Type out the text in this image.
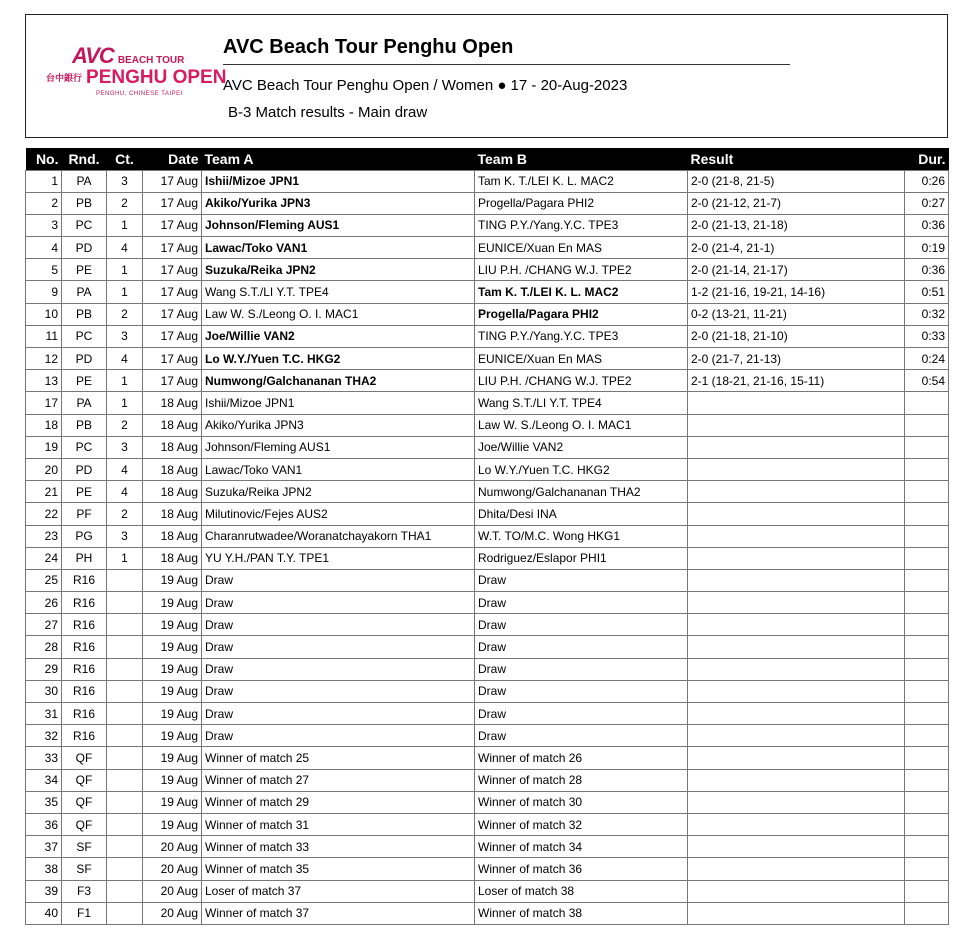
AVC BEACH TOUR
台中銀行 PENGHU OPEN
PENGHU, CHINESE TAIPEI
AVC Beach Tour Penghu Open
AVC Beach Tour Penghu Open / Women ● 17 - 20-Aug-2023
B-3 Match results - Main draw
No.	Rnd.	Ct.	Date	Team A	Team B	Result	Dur.
1	PA	3	17 Aug	Ishii/Mizoe JPN1	Tam K. T./LEI K. L. MAC2	2-0 (21-8, 21-5)	0:26
2	PB	2	17 Aug	Akiko/Yurika JPN3	Progella/Pagara PHI2	2-0 (21-12, 21-7)	0:27
3	PC	1	17 Aug	Johnson/Fleming AUS1	TING P.Y./Yang.Y.C. TPE3	2-0 (21-13, 21-18)	0:36
4	PD	4	17 Aug	Lawac/Toko VAN1	EUNICE/Xuan En MAS	2-0 (21-4, 21-1)	0:19
5	PE	1	17 Aug	Suzuka/Reika JPN2	LIU P.H. /CHANG W.J. TPE2	2-0 (21-14, 21-17)	0:36
9	PA	1	17 Aug	Wang S.T./LI Y.T. TPE4	Tam K. T./LEI K. L. MAC2	1-2 (21-16, 19-21, 14-16)	0:51
10	PB	2	17 Aug	Law W. S./Leong O. I. MAC1	Progella/Pagara PHI2	0-2 (13-21, 11-21)	0:32
11	PC	3	17 Aug	Joe/Willie VAN2	TING P.Y./Yang.Y.C. TPE3	2-0 (21-18, 21-10)	0:33
12	PD	4	17 Aug	Lo W.Y./Yuen T.C. HKG2	EUNICE/Xuan En MAS	2-0 (21-7, 21-13)	0:24
13	PE	1	17 Aug	Numwong/Galchananan THA2	LIU P.H. /CHANG W.J. TPE2	2-1 (18-21, 21-16, 15-11)	0:54
17	PA	1	18 Aug	Ishii/Mizoe JPN1	Wang S.T./LI Y.T. TPE4		
18	PB	2	18 Aug	Akiko/Yurika JPN3	Law W. S./Leong O. I. MAC1		
19	PC	3	18 Aug	Johnson/Fleming AUS1	Joe/Willie VAN2		
20	PD	4	18 Aug	Lawac/Toko VAN1	Lo W.Y./Yuen T.C. HKG2		
21	PE	4	18 Aug	Suzuka/Reika JPN2	Numwong/Galchananan THA2		
22	PF	2	18 Aug	Milutinovic/Fejes AUS2	Dhita/Desi INA		
23	PG	3	18 Aug	Charanrutwadee/Woranatchayakorn THA1	W.T. TO/M.C. Wong HKG1		
24	PH	1	18 Aug	YU Y.H./PAN T.Y. TPE1	Rodriguez/Eslapor PHI1		
25	R16		19 Aug	Draw	Draw		
26	R16		19 Aug	Draw	Draw		
27	R16		19 Aug	Draw	Draw		
28	R16		19 Aug	Draw	Draw		
29	R16		19 Aug	Draw	Draw		
30	R16		19 Aug	Draw	Draw		
31	R16		19 Aug	Draw	Draw		
32	R16		19 Aug	Draw	Draw		
33	QF		19 Aug	Winner of match 25	Winner of match 26		
34	QF		19 Aug	Winner of match 27	Winner of match 28		
35	QF		19 Aug	Winner of match 29	Winner of match 30		
36	QF		19 Aug	Winner of match 31	Winner of match 32		
37	SF		20 Aug	Winner of match 33	Winner of match 34		
38	SF		20 Aug	Winner of match 35	Winner of match 36		
39	F3		20 Aug	Loser of match 37	Loser of match 38		
40	F1		20 Aug	Winner of match 37	Winner of match 38		
